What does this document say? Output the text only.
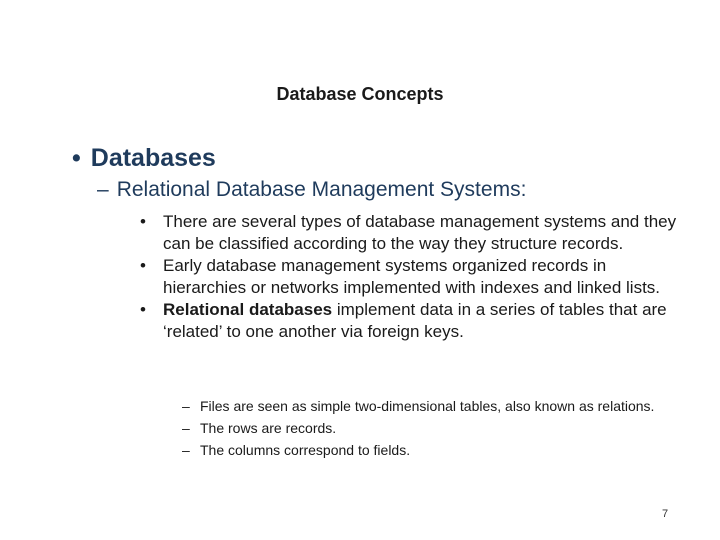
Database Concepts
• Databases
– Relational Database Management Systems:
• There are several types of database management systems and they can be classified according to the way they structure records.
• Early database management systems organized records in hierarchies or networks implemented with indexes and linked lists.
• Relational databases implement data in a series of tables that are ‘related’ to one another via foreign keys.
– Files are seen as simple two-dimensional tables, also known as relations.
– The rows are records.
– The columns correspond to fields.
7
